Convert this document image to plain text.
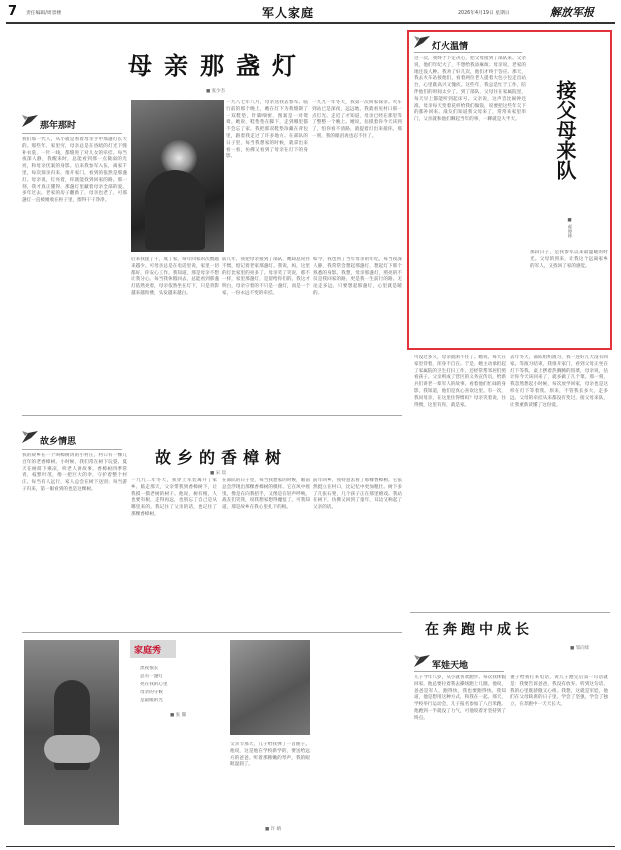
7 责任编辑/周景楼	军人家庭	2026年4月19日 星期日	解放军报
母亲那盏灯
■ 张少杰
那年那时
我们那一代人，从小就是看着母亲手中那盏灯长大的。那些年，家里穷，母亲总是在昏暗的灯光下缝补衣裳，一针一线，都缝进了对儿女的牵挂。每当夜深人静，我醒来时，总能看到那一点微弱的光亮，和母亲伏案的身影。后来我参军入伍，离家千里，每次探亲归来，推开家门，看到的依然是那盏灯。母亲说，灯亮着，你就能找到回家的路。那一刻，我才真正懂得，那盏灯里藏着母亲全部的爱。多年过去，老家的房子翻新了，母亲也老了，可那盏灯一直被她收在柜子里，擦得干干净净。
一九八七年八月，母亲送我去参军。临行前的那个晚上，她在灯下为我缝制了一双鞋垫，针脚细密，图案是一对鸳鸯。她说，鞋垫垫在脚下，走到哪里都不会忘了家。我把那双鞋垫珍藏在背包里，跟着我走过了许多地方。在部队的日子里，每当我想家的时候，就拿出来看一看，仿佛又看到了母亲在灯下的身影。
一九九一年冬天，我第一次回家探亲。火车到站已是深夜，远远地，我就看见村口那一点灯光。走近了才知道，母亲已经在那里等了整整一个晚上。她说，估摸着你今天该到了，怕你看不清路，就提着灯出来接你。那一刻，我的眼泪再也忍不住了。
后来我提了干，成了家，每年回家的次数越来越少。可母亲总是在电话里说，家里一切都好，你安心工作。我知道，那是母亲不想让我分心。每当我休假回去，总能看到那盏灯依然亮着，母亲依然坐在灯下，只是背影越来越佝偻，头发越来越白。
前几年，我把母亲接到了部队，她却总说住不惯，惦记着老家那盏灯。我说，妈，这里的灯比家里的亮多了。母亲笑了笑说，那不一样，家里那盏灯，是留给你们的。我这才明白，母亲守着的不只是一盏灯，而是一个家，一份永远不变的牵挂。
如今，我也到了当年母亲的年纪。每当夜深人静，我常常会想起那盏灯，想起灯下那个熟悉的身影。我想，母亲那盏灯，照亮的不仅是我回家的路，更是我一生前行的路。无论走多远，只要想起那盏灯，心里就是暖的。
故乡情思
我的故乡在一个叫樟树湾的小村庄，村口有一棵几百年的老香樟树。小时候，我们常在树下玩耍，夏天在树荫下乘凉，听老人讲故事。香樟树四季常青，枝繁叶茂，像一把巨大的伞，守护着整个村庄。每当有人远行，家人总会在树下送别；每当游子归来，第一眼看到的也是这棵树。
故乡的香樟树
■ 宋 琰
一九九二年冬天，我穿上军装离开了家乡。临走那天，父亲带我到香樟树下，让我摸一摸老树的树干。他说，树有根，人也要有根，走得再远，也别忘了自己是从哪里来的。我记住了父亲的话，也记住了那棵香樟树。
在部队的日子里，每当我想家的时候，眼前总会浮现出那棵香樟树的模样。它在风中摇曳，像是在向我招手，又像是在轻声呼唤。战友们笑我，说我想家想得魔怔了。可我知道，那是故乡在我心里扎下的根。
前年回乡，我特意去看了那棵香樟树。它依然挺立在村口，比记忆中更加粗壮。树下多了几张石凳，几个孩子正在那里嬉戏。我站在树下，仿佛又回到了童年，耳边又响起了父亲的话。
家庭秀
黑夜很长
总有一盏灯
亮在我的心里
母亲的守候
是最暖的光
■ 张 馨
父亲节那天，儿子给我弹了一首曲子。他说，这是他在学校新学的，要送给远方的爸爸。听着那稚嫩的琴声，我的眼眶湿润了。
■ 许 晴
灯火温情
这一次，我终于下定决心，把父母接到了部队来。父亲说，他们年纪大了，不想给我添麻烦；母亲说，老家的地还没人种。我劝了好几次，他们才终于答应。那天，我去火车站接他们，看着两位老人提着大包小包走出站台，心里既高兴又愧疚。这些年，我总是忙于工作，陪伴他们的时间太少了。到了部队，父母住在家属院里，每天早上都能听到起床号。父亲说，这声音比闹钟还准。母亲每天变着花样给我们做饭，说要把这些年欠下的都补回来。战友们知道我父母来了，常常来家里串门，父亲就和他们聊起当年的事，一聊就是大半天。	接父母来队
■ 郝俊林
那段日子，是我参军以来最温暖的时光。父母的到来，让我这个远离家乡的军人，又找回了家的感觉。
可没过多久，母亲就闲不住了。她说，每天在家里待着，浑身不自在。于是，她主动承担起了家属院的卫生打扫工作，还经常帮邻居们照看孩子。父亲则成了营区的义务宣传员，给新兵们讲老一辈军人的故事。看着他们忙碌的身影，我知道，他们是真心喜欢这里。有一次，我问母亲，在这里住得惯吗？母亲笑着说，住得惯，这里有你，就是家。
去年冬天，部队组织演习，我一连好几天没有回家。等演习结束，我推开家门，看到父母正坐在灯下等我。桌上摆着热腾腾的饭菜，母亲说，估计你今天该回来了，就多做了几个菜。那一刻，我忽然想起小时候，每次放学回家，母亲也是这样在灯下等着我。原来，不管我长多大，走多远，父母的牵挂从来都没有变过。接父母来队，让我重新读懂了这份爱。
在奔跑中成长
■ 邹向烽
军娃天地
儿子今年八岁，从小就喜欢跑步。每次我休假回家，他总要拉着我去操场跑上几圈。他说，爸爸是军人，跑得快，我也要跑得快。我知道，他是想用这种方式，和我在一起。那天，学校举行运动会，儿子报名参加了八百米跑。他跑到一半就没了力气，可他咬着牙坚持到了终点。
妻子给我打来电话，说儿子跑完后第一句话就是：我要告诉爸爸，我没有放弃。听到这句话，我的心里既骄傲又心疼。我想，这就是军娃，他们在父母缺席的日子里，学会了坚强，学会了独立，在奔跑中一天天长大。
